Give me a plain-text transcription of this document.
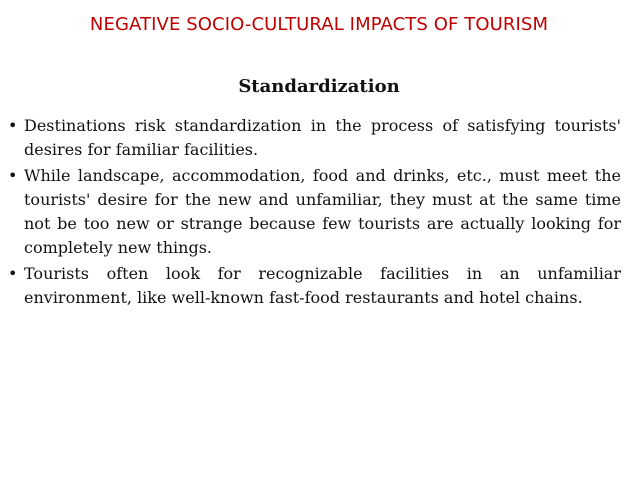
NEGATIVE SOCIO-CULTURAL IMPACTS OF TOURISM
Standardization
• Destinations risk standardization in the process of satisfying tourists' desires for familiar facilities.
• While landscape, accommodation, food and drinks, etc., must meet the tourists' desire for the new and unfamiliar, they must at the same time not be too new or strange because few tourists are actually looking for completely new things.
• Tourists often look for recognizable facilities in an unfamiliar environment, like well-known fast-food restaurants and hotel chains.
